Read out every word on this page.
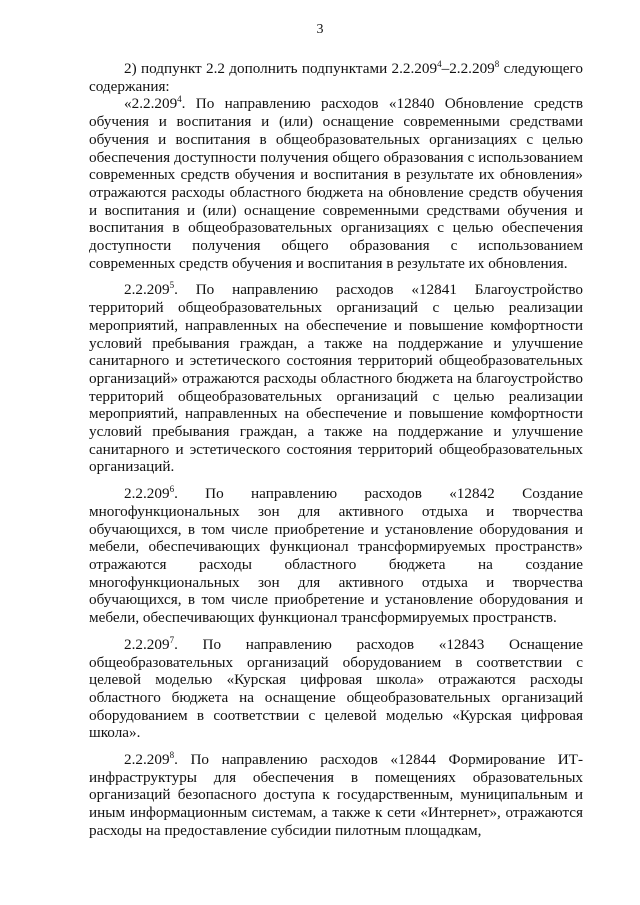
3

2) подпункт 2.2 дополнить подпунктами 2.2.209$^4$–2.2.209$^8$ следующего содержания:

«2.2.209$^4$. По направлению расходов «12840 Обновление средств обучения и воспитания и (или) оснащение современными средствами обучения и воспитания в общеобразовательных организациях с целью обеспечения доступности получения общего образования с использованием современных средств обучения и воспитания в результате их обновления» отражаются расходы областного бюджета на обновление средств обучения и воспитания и (или) оснащение современными средствами обучения и воспитания в общеобразовательных организациях с целью обеспечения доступности получения общего образования с использованием современных средств обучения и воспитания в результате их обновления.

2.2.209$^5$. По направлению расходов «12841 Благоустройство территорий общеобразовательных организаций с целью реализации мероприятий, направленных на обеспечение и повышение комфортности условий пребывания граждан, а также на поддержание и улучшение санитарного и эстетического состояния территорий общеобразовательных организаций» отражаются расходы областного бюджета на благоустройство территорий общеобразовательных организаций с целью реализации мероприятий, направленных на обеспечение и повышение комфортности условий пребывания граждан, а также на поддержание и улучшение санитарного и эстетического состояния территорий общеобразовательных организаций.

2.2.209$^6$. По направлению расходов «12842 Создание многофункциональных зон для активного отдыха и творчества обучающихся, в том числе приобретение и установление оборудования и мебели, обеспечивающих функционал трансформируемых пространств» отражаются расходы областного бюджета на создание многофункциональных зон для активного отдыха и творчества обучающихся, в том числе приобретение и установление оборудования и мебели, обеспечивающих функционал трансформируемых пространств.

2.2.209$^7$. По направлению расходов «12843 Оснащение общеобразовательных организаций оборудованием в соответствии с целевой моделью «Курская цифровая школа» отражаются расходы областного бюджета на оснащение общеобразовательных организаций оборудованием в соответствии с целевой моделью «Курская цифровая школа».

2.2.209$^8$. По направлению расходов «12844 Формирование ИТ-инфраструктуры для обеспечения в помещениях образовательных организаций безопасного доступа к государственным, муниципальным и иным информационным системам, а также к сети «Интернет», отражаются расходы на предоставление субсидии пилотным площадкам,
